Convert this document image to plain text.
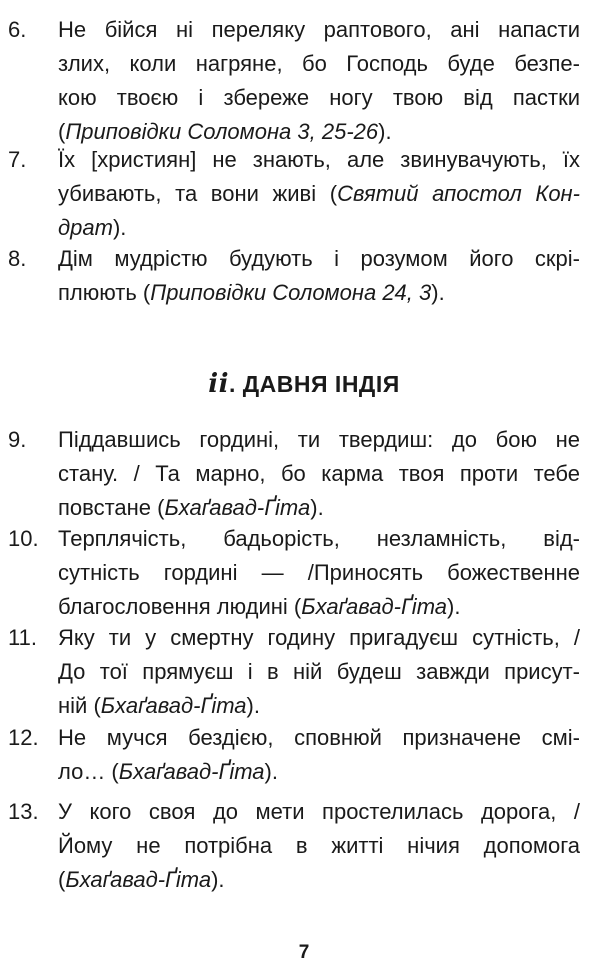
6. Не бійся ні переляку раптового, ані напасти
злих, коли нагряне, бо Господь буде безпе-
кою твоєю і збереже ногу твою від пастки
(Приповідки Соломона 3, 25-26).
7. Їх [християн] не знають, але звинувачують, їх
убивають, та вони живі (Святий апостол Кон-
драт).
8. Дім мудрістю будують і розумом його скрі-
плюють (Приповідки Соломона 24, 3).
ii. ДАВНЯ ІНДІЯ
9. Піддавшись гордині, ти твердиш: до бою не
стану. / Та марно, бо карма твоя проти тебе
повстане (Бхаґавад-Ґіта).
10. Терплячість, бадьорість, незламність, від-
сутність гордині — /Приносять божественне
благословення людині (Бхаґавад-Ґіта).
11. Яку ти у смертну годину пригадуєш сутність, /
До тої прямуєш і в ній будеш завжди присут-
ній (Бхаґавад-Ґіта).
12. Не мучся бездією, сповнюй призначене смі-
ло… (Бхаґавад-Ґіта).
13. У кого своя до мети простелилась дорога, /
Йому не потрібна в житті нічия допомога
(Бхаґавад-Ґіта).
7
